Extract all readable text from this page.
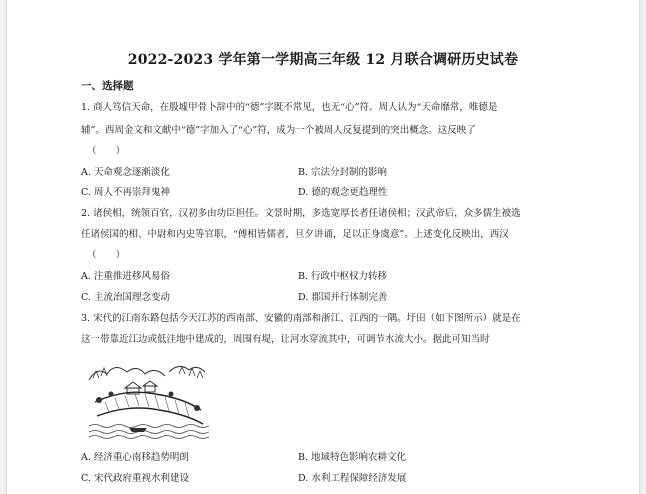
2022-2023 学年第一学期高三年级 12 月联合调研历史试卷
一、选择题
1. 商人笃信天命，在殷墟甲骨卜辞中的“德”字既不常见，也无“心”符。周人认为“天命靡常，唯德是
辅”。西周金文和文献中“德”字加入了“心”符，成为一个被周人反复提到的突出概念。这反映了
（　　）
A. 天命观念逐渐淡化	B. 宗法分封制的影响
C. 周人不再崇拜鬼神	D. 德的观念更趋理性
2. 诸侯相，统领百官，汉初多由功臣担任。文景时期，多选宽厚长者任诸侯相；汉武帝后，众多儒生被选
任诸侯国的相、中尉和内史等官职，“傅相皆儒者，旦夕讲诵，足以正身虞意”。上述变化反映出，西汉
（　　）
A. 注重推进移风易俗	B. 行政中枢权力转移
C. 主流治国理念变动	D. 郡国并行体制完善
3. 宋代的江南东路包括今天江苏的西南部、安徽的南部和浙江、江西的一隅。圩田（如下图所示）就是在
这一带靠近江边或低洼地中建成的，周围有堤，让河水穿流其中，可调节水流大小。据此可知当时
A. 经济重心南移趋势明朗	B. 地域特色影响农耕文化
C. 宋代政府重视水利建设	D. 水利工程保障经济发展
